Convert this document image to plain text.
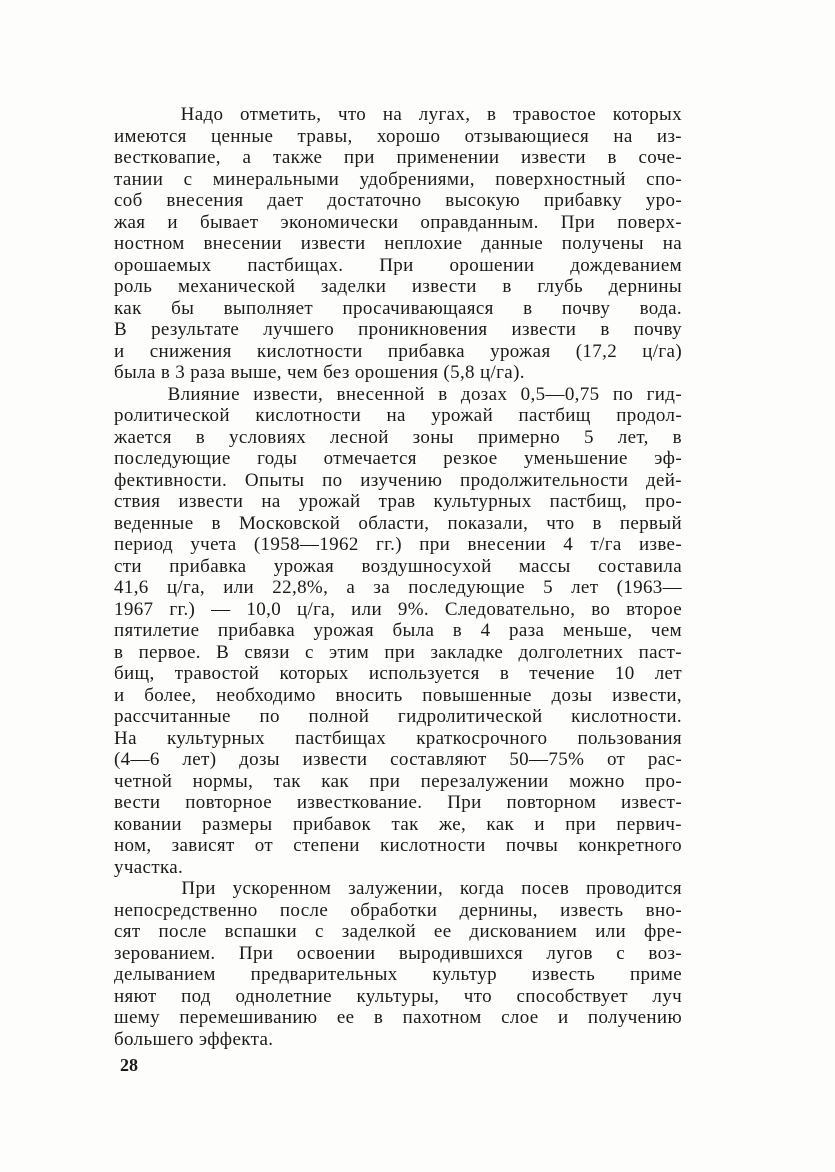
Надо отметить, что на лугах, в травостое которых
имеются ценные травы, хорошо отзывающиеся на из-
вестковапие, а также при применении извести в соче-
тании с минеральными удобрениями, поверхностный спо-
соб внесения дает достаточно высокую прибавку уро-
жая и бывает экономически оправданным. При поверх-
ностном внесении извести неплохие данные получены на
орошаемых пастбищах. При орошении дождеванием
роль механической заделки извести в глубь дернины
как бы выполняет просачивающаяся в почву вода.
В результате лучшего проникновения извести в почву
и снижения кислотности прибавка урожая (17,2 ц/га)
была в 3 раза выше, чем без орошения (5,8 ц/га).
Влияние извести, внесенной в дозах 0,5—0,75 по гид-
ролитической кислотности на урожай пастбищ продол-
жается в условиях лесной зоны примерно 5 лет, в
последующие годы отмечается резкое уменьшение эф-
фективности. Опыты по изучению продолжительности дей-
ствия извести на урожай трав культурных пастбищ, про-
веденные в Московской области, показали, что в первый
период учета (1958—1962 гг.) при внесении 4 т/га изве-
сти прибавка урожая воздушносухой массы составила
41,6 ц/га, или 22,8%, а за последующие 5 лет (1963—
1967 гг.) — 10,0 ц/га, или 9%. Следовательно, во второе
пятилетие прибавка урожая была в 4 раза меньше, чем
в первое. В связи с этим при закладке долголетних паст-
бищ, травостой которых используется в течение 10 лет
и более, необходимо вносить повышенные дозы извести,
рассчитанные по полной гидролитической кислотности.
На культурных пастбищах краткосрочного пользования
(4—6 лет) дозы извести составляют 50—75% от рас-
четной нормы, так как при перезалужении можно про-
вести повторное известкование. При повторном извест-
ковании размеры прибавок так же, как и при первич-
ном, зависят от степени кислотности почвы конкретного
участка.
При ускоренном залужении, когда посев проводится
непосредственно после обработки дернины, известь вно-
сят после вспашки с заделкой ее дискованием или фре-
зерованием. При освоении выродившихся лугов с воз-
делыванием предварительных культур известь приме
няют под однолетние культуры, что способствует луч
шему перемешиванию ее в пахотном слое и получению
большего эффекта.
28
